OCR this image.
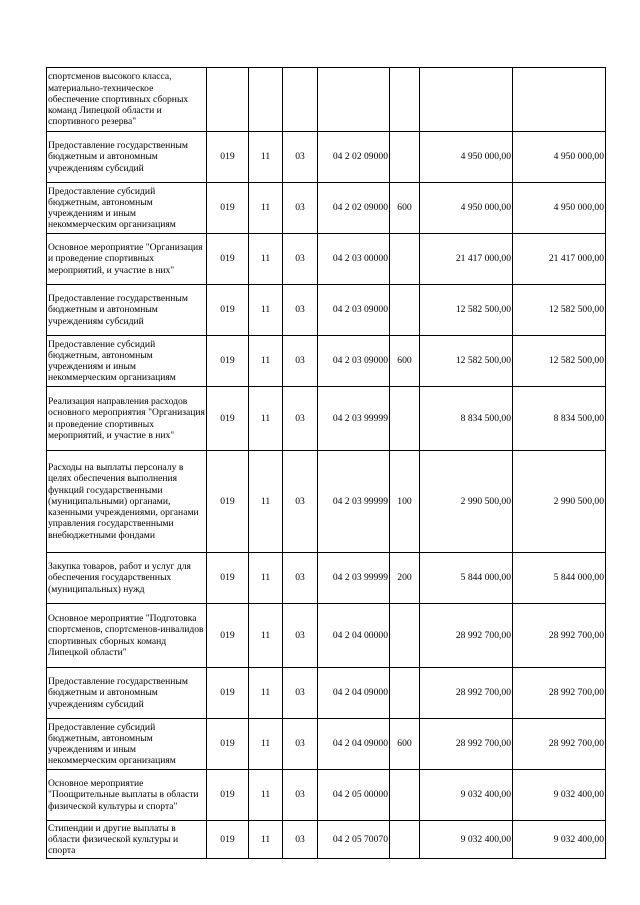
спортсменов высокого класса, материально-техническое обеспечение спортивных сборных команд Липецкой области и спортивного резерва"							
Предоставление государственным бюджетным и автономным учреждениям субсидий	019	11	03	04 2 02 09000		4 950 000,00	4 950 000,00
Предоставление субсидий бюджетным, автономным учреждениям и иным некоммерческим организациям	019	11	03	04 2 02 09000	600	4 950 000,00	4 950 000,00
Основное мероприятие "Организация и проведение спортивных мероприятий, и участие в них"	019	11	03	04 2 03 00000		21 417 000,00	21 417 000,00
Предоставление государственным бюджетным и автономным учреждениям субсидий	019	11	03	04 2 03 09000		12 582 500,00	12 582 500,00
Предоставление субсидий бюджетным, автономным учреждениям и иным некоммерческим организациям	019	11	03	04 2 03 09000	600	12 582 500,00	12 582 500,00
Реализация направления расходов основного мероприятия "Организация и проведение спортивных мероприятий, и участие в них"	019	11	03	04 2 03 99999		8 834 500,00	8 834 500,00
Расходы на выплаты персоналу в целях обеспечения выполнения функций государственными (муниципальными) органами, казенными учреждениями, органами управления государственными внебюджетными фондами	019	11	03	04 2 03 99999	100	2 990 500,00	2 990 500,00
Закупка товаров, работ и услуг для обеспечения государственных (муниципальных) нужд	019	11	03	04 2 03 99999	200	5 844 000,00	5 844 000,00
Основное мероприятие "Подготовка спортсменов, спортсменов-инвалидов спортивных сборных команд Липецкой области"	019	11	03	04 2 04 00000		28 992 700,00	28 992 700,00
Предоставление государственным бюджетным и автономным учреждениям субсидий	019	11	03	04 2 04 09000		28 992 700,00	28 992 700,00
Предоставление субсидий бюджетным, автономным учреждениям и иным некоммерческим организациям	019	11	03	04 2 04 09000	600	28 992 700,00	28 992 700,00
Основное мероприятие "Поощрительные выплаты в области физической культуры и спорта"	019	11	03	04 2 05 00000		9 032 400,00	9 032 400,00
Стипендии и другие выплаты в области физической культуры и спорта	019	11	03	04 2 05 70070		9 032 400,00	9 032 400,00
